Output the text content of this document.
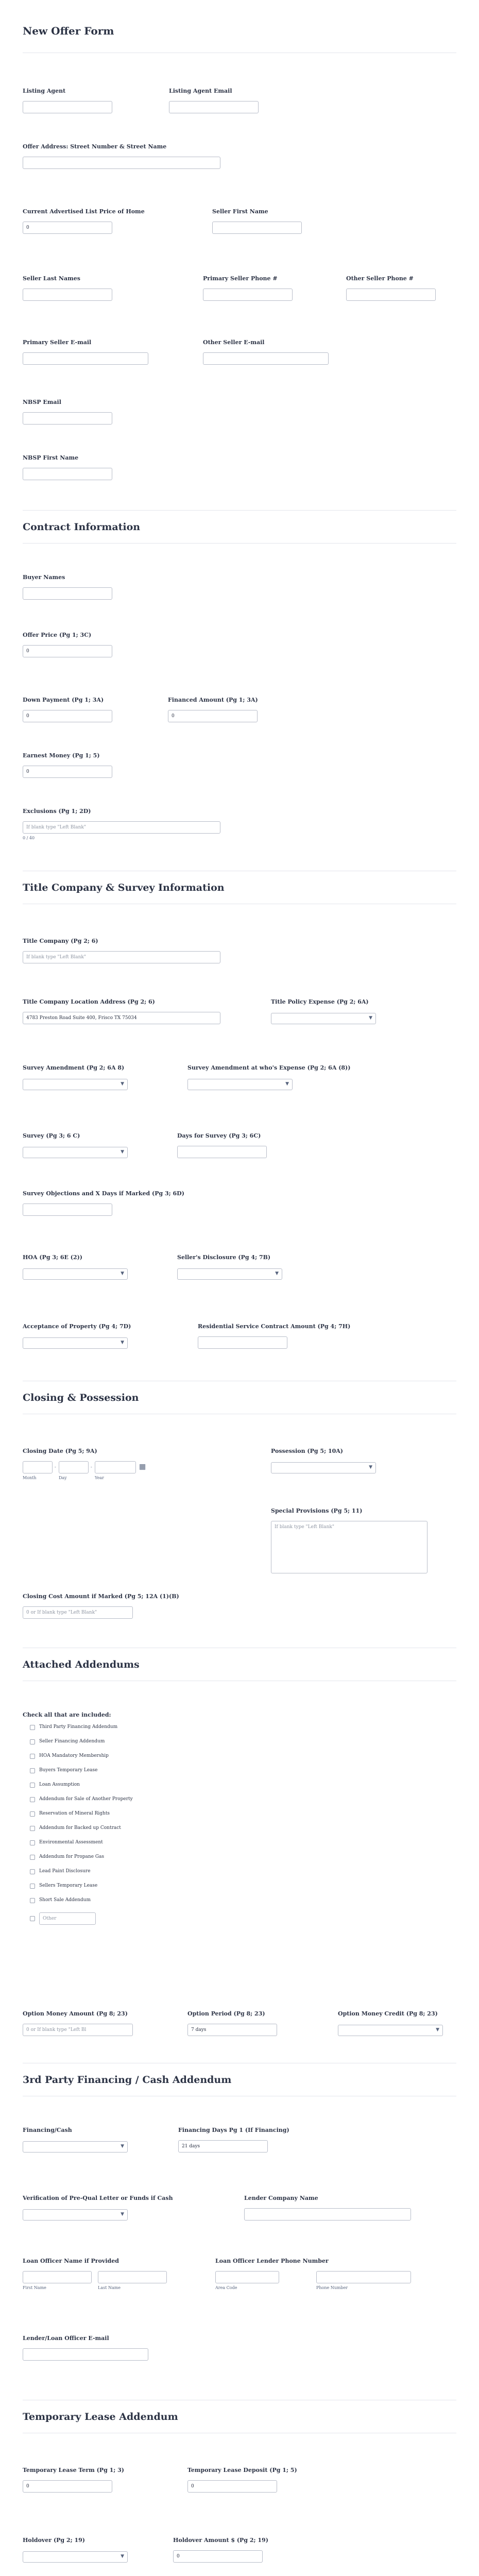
New Offer Form
Listing Agent	Listing Agent Email
Offer Address: Street Number & Street Name
Current Advertised List Price of Home
0
Seller First Name
Seller Last Names	Primary Seller Phone #	Other Seller Phone #
Primary Seller E-mail	Other Seller E-mail
NBSP Email
NBSP First Name
Contract Information
Buyer Names
Offer Price (Pg 1; 3C)
0
Down Payment (Pg 1; 3A)
0
Financed Amount (Pg 1; 3A)
0
Earnest Money (Pg 1; 5)
0
Exclusions (Pg 1; 2D)
If blank type "Left Blank"
0 / 40
Title Company & Survey Information
Title Company (Pg 2; 6)
If blank type "Left Blank"
Title Company Location Address (Pg 2; 6)
4783 Preston Road Suite 400, Frisco TX 75034
Title Policy Expense (Pg 2; 6A)
▼
Survey Amendment (Pg 2; 6A 8)
▼
Survey Amendment at who's Expense (Pg 2; 6A (8))
▼
Survey (Pg 3; 6 C)
▼
Days for Survey (Pg 3; 6C)
Survey Objections and X Days if Marked (Pg 3; 6D)
HOA (Pg 3; 6E (2))
▼
Seller's Disclosure (Pg 4; 7B)
▼
Acceptance of Property (Pg 4; 7D)
▼
Residential Service Contract Amount (Pg 4; 7H)
Closing & Possession
Closing Date (Pg 5; 9A)
-	-	▦
Month	Day	Year
Possession (Pg 5; 10A)
▼
Special Provisions (Pg 5; 11)
If blank type "Left Blank"
Closing Cost Amount if Marked (Pg 5; 12A (1)(B)
0 or If blank type "Left Blank"
Attached Addendums
Check all that are included:
Third Party Financing Addendum
Seller Financing Addendum
HOA Mandatory Membership
Buyers Temporary Lease
Loan Assumption
Addendum for Sale of Another Property
Reservation of Mineral Rights
Addendum for Backed up Contract
Environmental Assessment
Addendum for Propane Gas
Lead Paint Disclosure
Sellers Temporary Lease
Short Sale Addendum
Other
Option Money Amount (Pg 8; 23)
0 or If blank type "Left Bl
Option Period (Pg 8; 23)
7 days
Option Money Credit (Pg 8; 23)
▼
3rd Party Financing / Cash Addendum
Financing/Cash
▼
Financing Days Pg 1 (If Financing)
21 days
Verification of Pre-Qual Letter or Funds if Cash
▼
Lender Company Name
Loan Officer Name if Provided
First Name	Last Name
Loan Officer Lender Phone Number
Area Code	Phone Number
Lender/Loan Officer E-mail
Temporary Lease Addendum
Temporary Lease Term (Pg 1; 3)
0
Temporary Lease Deposit (Pg 1; 5)
0
Holdover (Pg 2; 19)
▼
Holdover Amount $ (Pg 2; 19)
0
